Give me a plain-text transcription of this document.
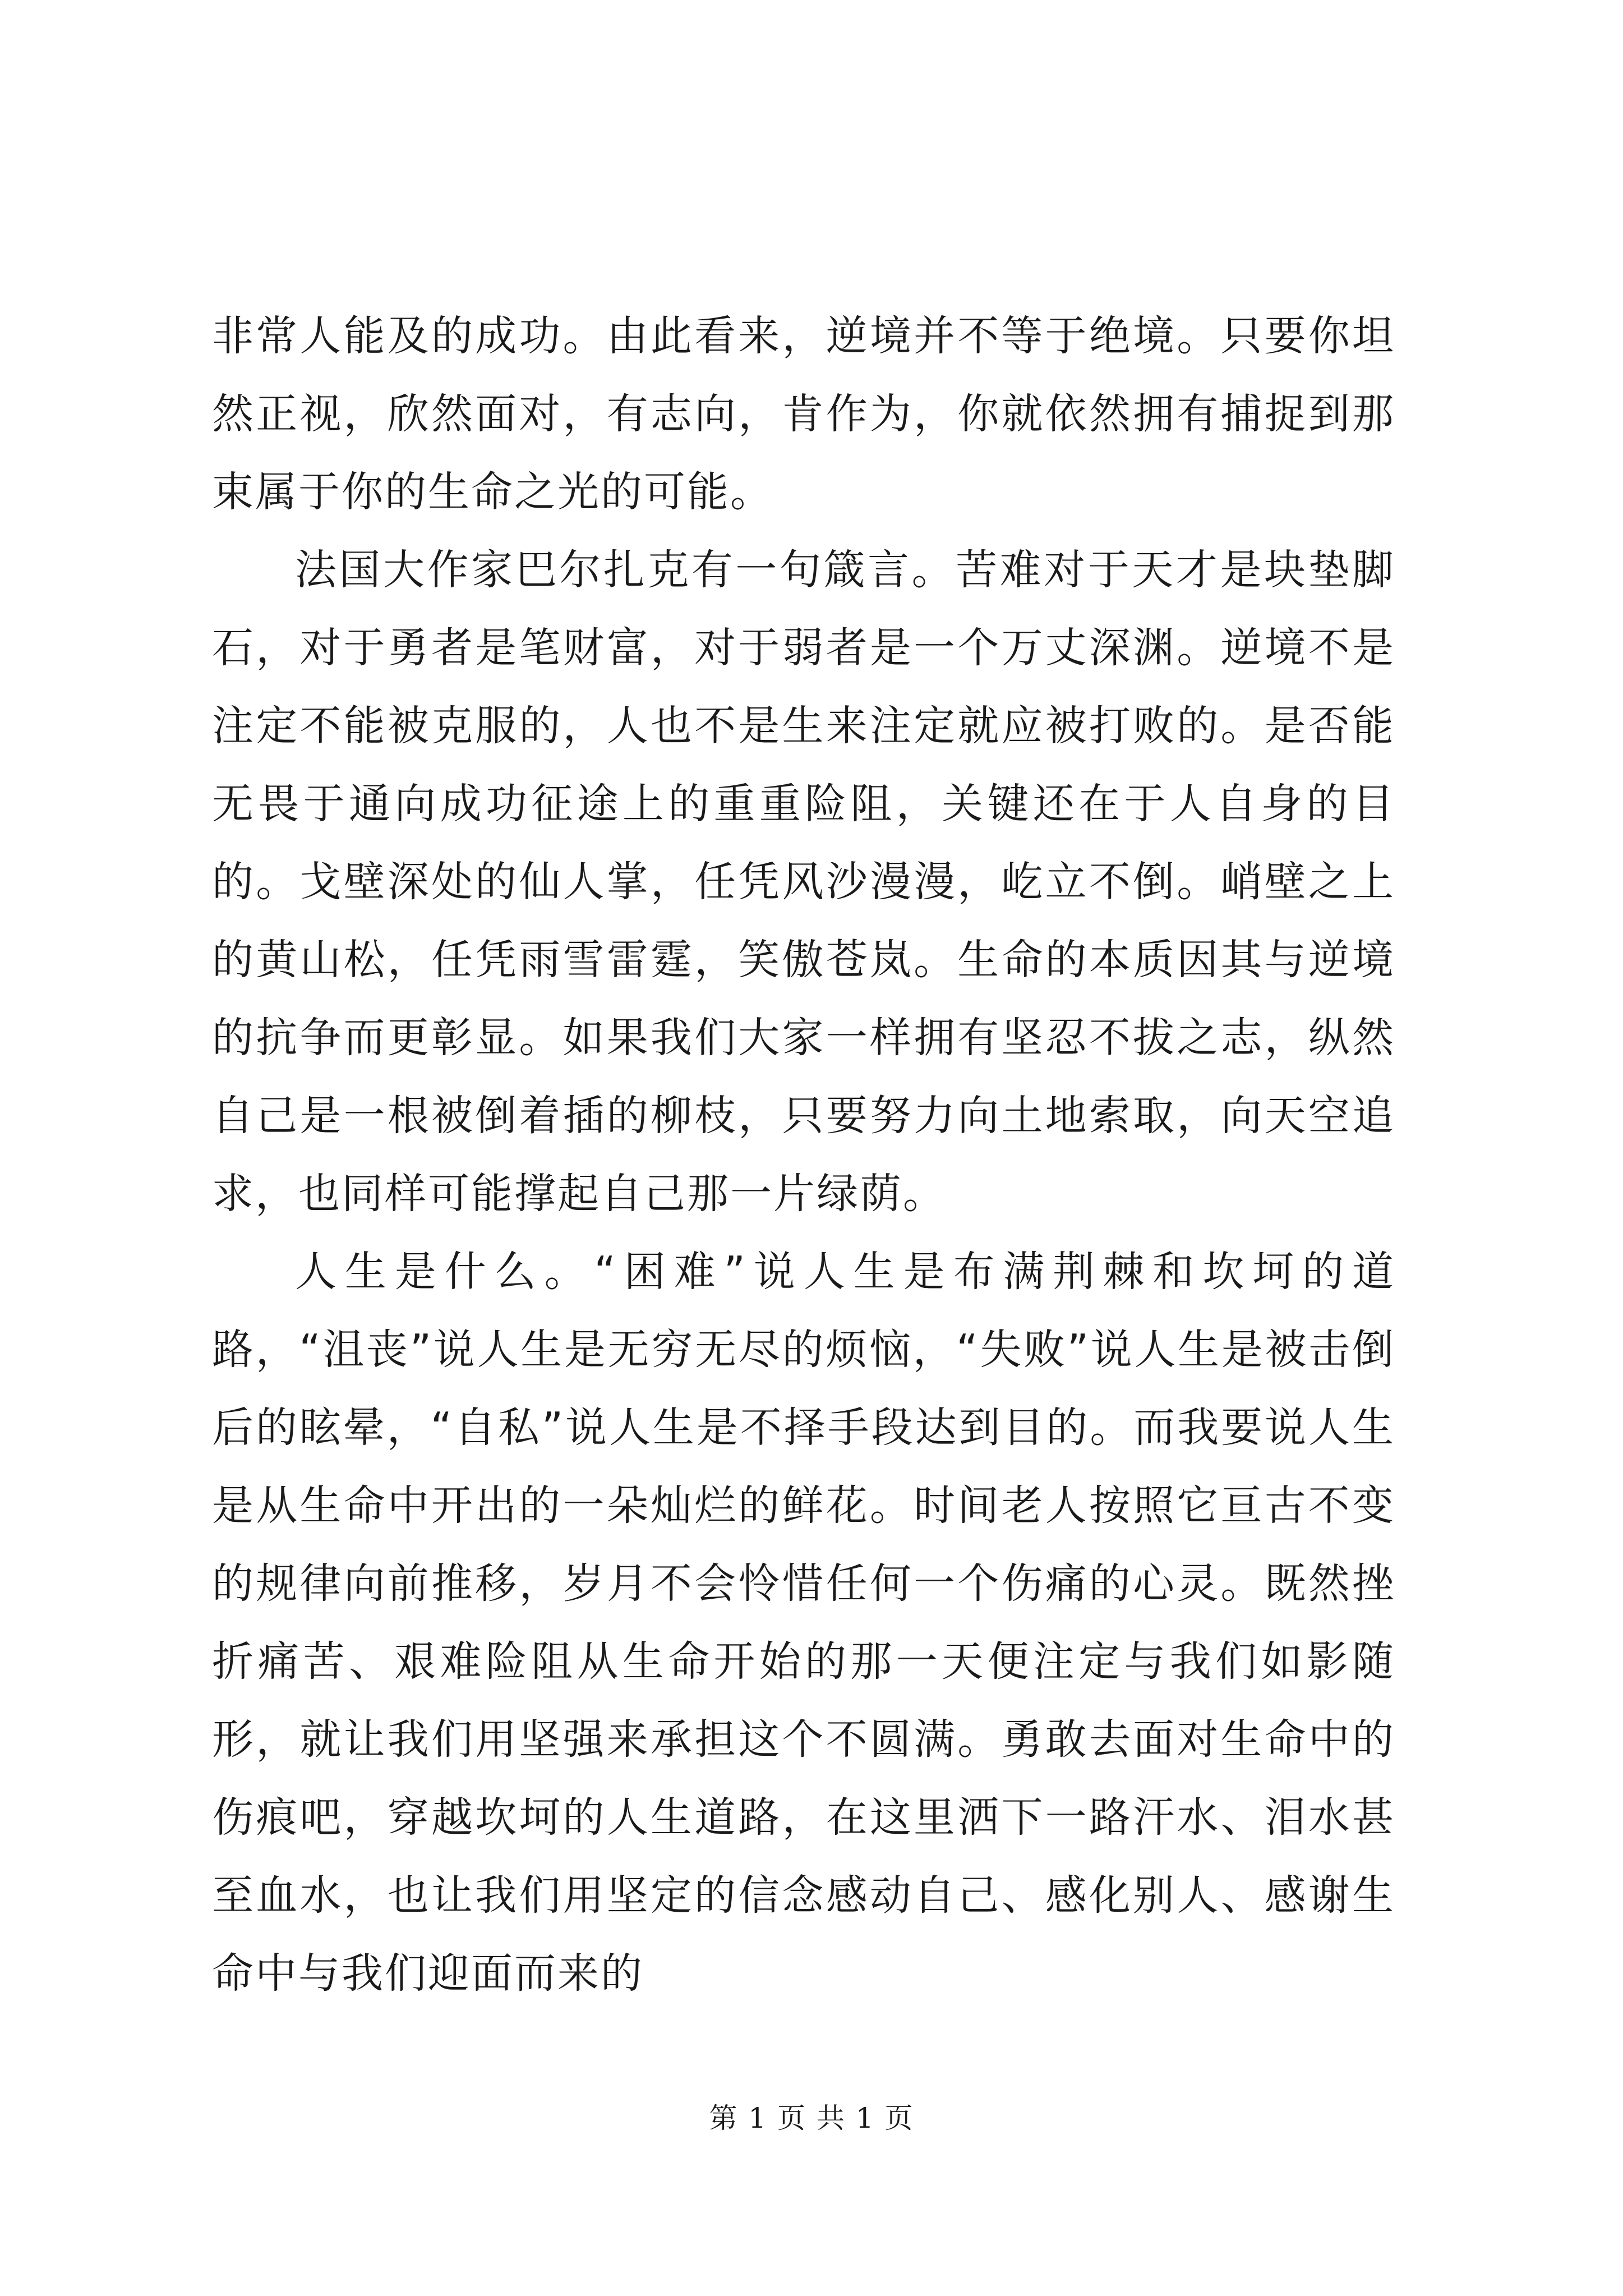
非常人能及的成功。由此看来，逆境并不等于绝境。只要你坦然正视，欣然面对，有志向，肯作为，你就依然拥有捕捉到那束属于你的生命之光的可能。

法国大作家巴尔扎克有一句箴言。苦难对于天才是块垫脚石，对于勇者是笔财富，对于弱者是一个万丈深渊。逆境不是注定不能被克服的，人也不是生来注定就应被打败的。是否能无畏于通向成功征途上的重重险阻，关键还在于人自身的目的。戈壁深处的仙人掌，任凭风沙漫漫，屹立不倒。峭壁之上的黄山松，任凭雨雪雷霆，笑傲苍岚。生命的本质因其与逆境的抗争而更彰显。如果我们大家一样拥有坚忍不拔之志，纵然自己是一根被倒着插的柳枝，只要努力向土地索取，向天空追求，也同样可能撑起自己那一片绿荫。

人生是什么。“困难”说人生是布满荆棘和坎坷的道路，“沮丧”说人生是无穷无尽的烦恼，“失败”说人生是被击倒后的眩晕，“自私”说人生是不择手段达到目的。而我要说人生是从生命中开出的一朵灿烂的鲜花。时间老人按照它亘古不变的规律向前推移，岁月不会怜惜任何一个伤痛的心灵。既然挫折痛苦、艰难险阻从生命开始的那一天便注定与我们如影随形，就让我们用坚强来承担这个不圆满。勇敢去面对生命中的伤痕吧，穿越坎坷的人生道路，在这里洒下一路汗水、泪水甚至血水，也让我们用坚定的信念感动自己、感化别人、感谢生命中与我们迎面而来的

第 1 页 共 1 页
